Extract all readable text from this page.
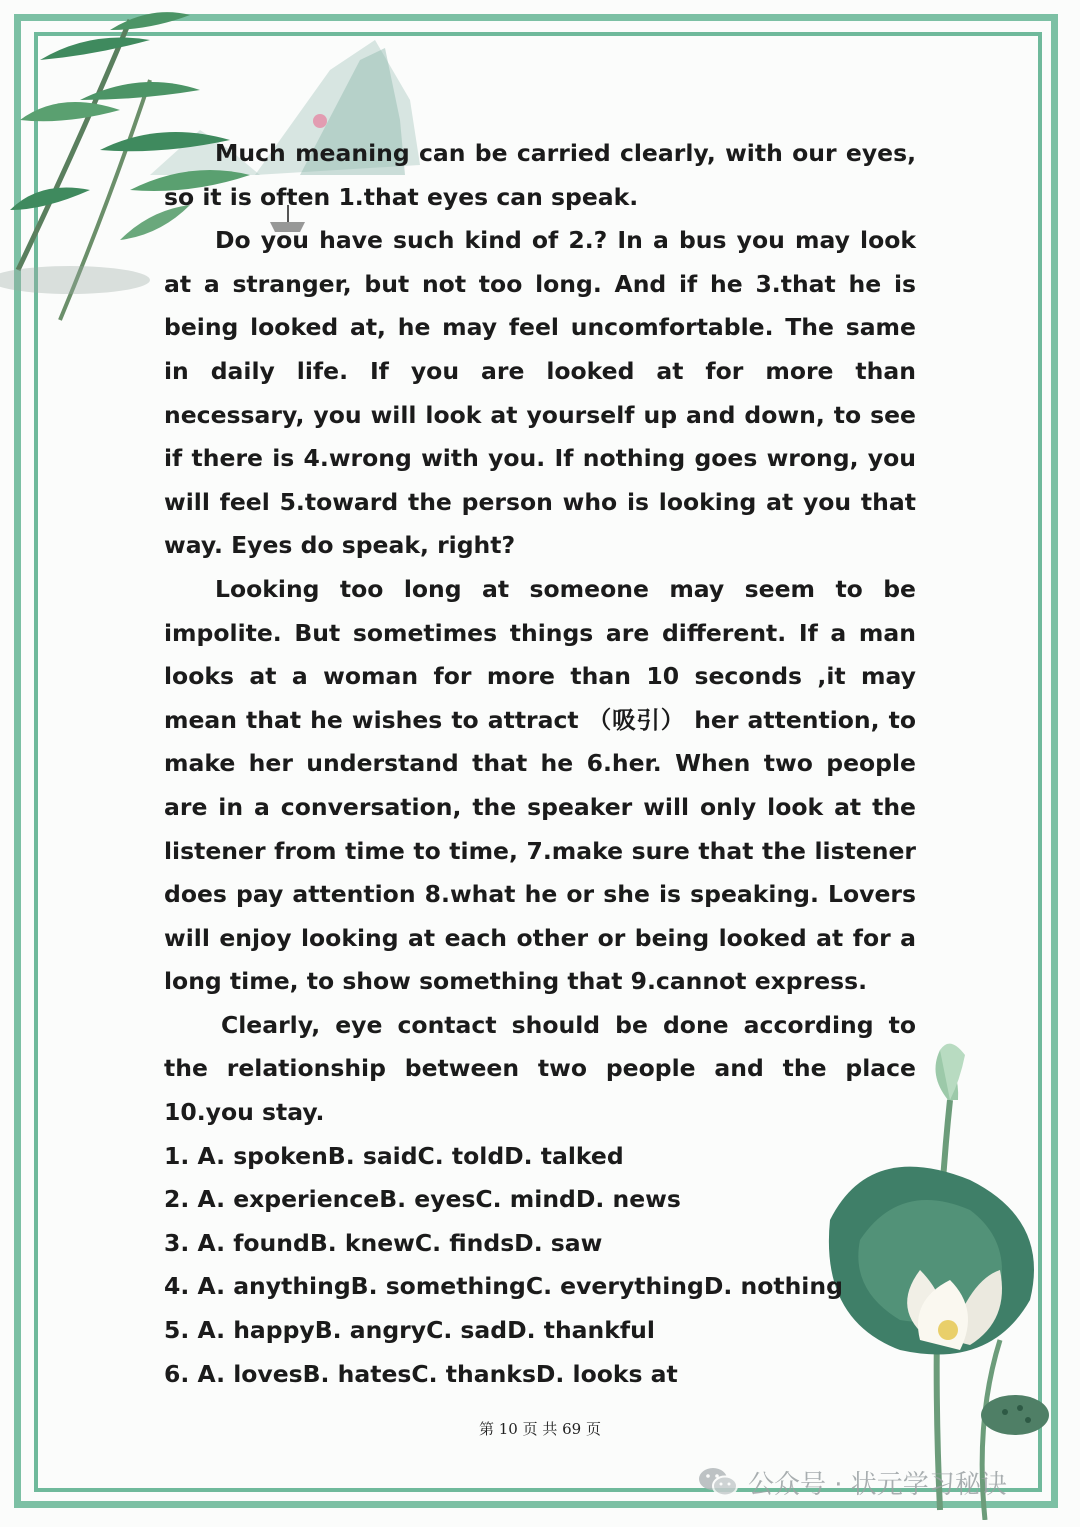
Much meaning can be carried clearly, with our eyes, so it is often 1.that eyes can speak.

Do you have such kind of 2.? In a bus you may look at a stranger, but not too long. And if he 3.that he is being looked at, he may feel uncomfortable. The same in daily life. If you are looked at for more than necessary, you will look at yourself up and down, to see if there is 4.wrong with you. If nothing goes wrong, you will feel 5.toward the person who is looking at you that way. Eyes do speak, right?

Looking too long at someone may seem to be impolite. But sometimes things are different. If a man looks at a woman for more than 10 seconds ,it may mean that he wishes to attract （吸引） her attention, to make her understand that he 6.her. When two people are in a conversation, the speaker will only look at the listener from time to time, 7.make sure that the listener does pay attention 8.what he or she is speaking. Lovers will enjoy looking at each other or being looked at for a long time, to show something that 9.cannot express.

Clearly, eye contact should be done according to the relationship between two people and the place 10.you stay.

1. A. spokenB. saidC. toldD. talked

2. A. experienceB. eyesC. mindD. news

3. A. foundB. knewC. findsD. saw

4. A. anythingB. somethingC. everythingD. nothing

5. A. happyB. angryC. sadD. thankful

6. A. lovesB. hatesC. thanksD. looks at

第 10 页 共 69 页
公众号 · 状元学习秘诀
